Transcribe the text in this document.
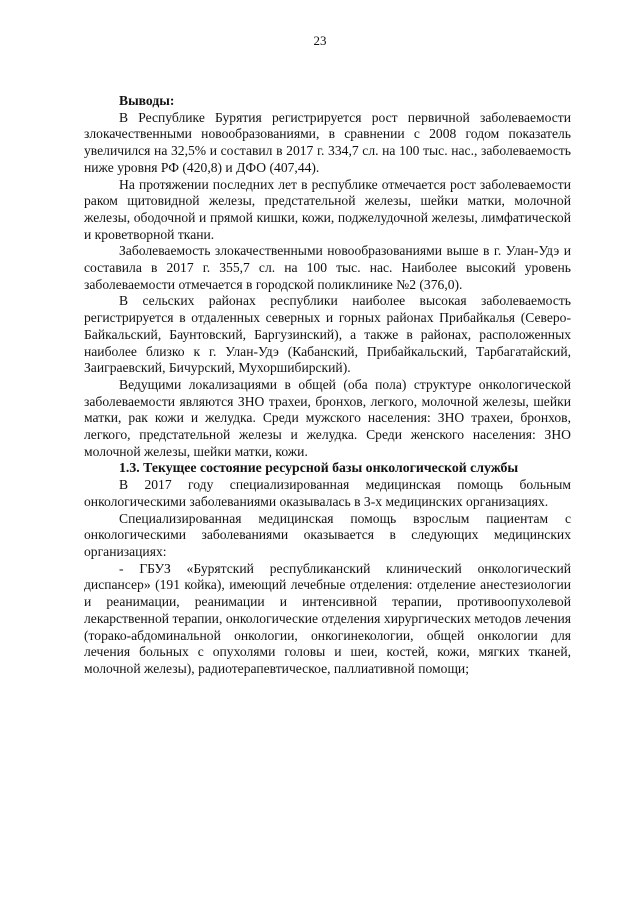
23

Выводы:

В Республике Бурятия регистрируется рост первичной заболеваемости злокачественными новообразованиями, в сравнении с 2008 годом показатель увеличился на 32,5% и составил в 2017 г. 334,7 сл. на 100 тыс. нас., заболеваемость ниже уровня РФ (420,8) и ДФО (407,44).

На протяжении последних лет в республике отмечается рост заболеваемости раком щитовидной железы, предстательной железы, шейки матки, молочной железы, ободочной и прямой кишки, кожи, поджелудочной железы, лимфатической и кроветворной ткани.

Заболеваемость злокачественными новообразованиями выше в г. Улан-Удэ и составила в 2017 г. 355,7 сл. на 100 тыс. нас. Наиболее высокий уровень заболеваемости отмечается в городской поликлинике №2 (376,0).

В сельских районах республики наиболее высокая заболеваемость регистрируется в отдаленных северных и горных районах Прибайкалья (Северо-Байкальский, Баунтовский, Баргузинский), а также в районах, расположенных наиболее близко к г. Улан-Удэ (Кабанский, Прибайкальский, Тарбагатайский, Заиграевский, Бичурский, Мухоршибирский).

Ведущими локализациями в общей (оба пола) структуре онкологической заболеваемости являются ЗНО трахеи, бронхов, легкого, молочной железы, шейки матки, рак кожи и желудка. Среди мужского населения: ЗНО трахеи, бронхов, легкого, предстательной железы и желудка. Среди женского населения: ЗНО молочной железы, шейки матки, кожи.

1.3. Текущее состояние ресурсной базы онкологической службы

В 2017 году специализированная медицинская помощь больным онкологическими заболеваниями оказывалась в 3-х медицинских организациях.

Специализированная медицинская помощь взрослым пациентам с онкологическими заболеваниями оказывается в следующих медицинских организациях:

- ГБУЗ «Бурятский республиканский клинический онкологический диспансер» (191 койка), имеющий лечебные отделения: отделение анестезиологии и реанимации, реанимации и интенсивной терапии, противоопухолевой лекарственной терапии, онкологические отделения хирургических методов лечения (торако-абдоминальной онкологии, онкогинекологии, общей онкологии для лечения больных с опухолями головы и шеи, костей, кожи, мягких тканей, молочной железы), радиотерапевтическое, паллиативной помощи;
